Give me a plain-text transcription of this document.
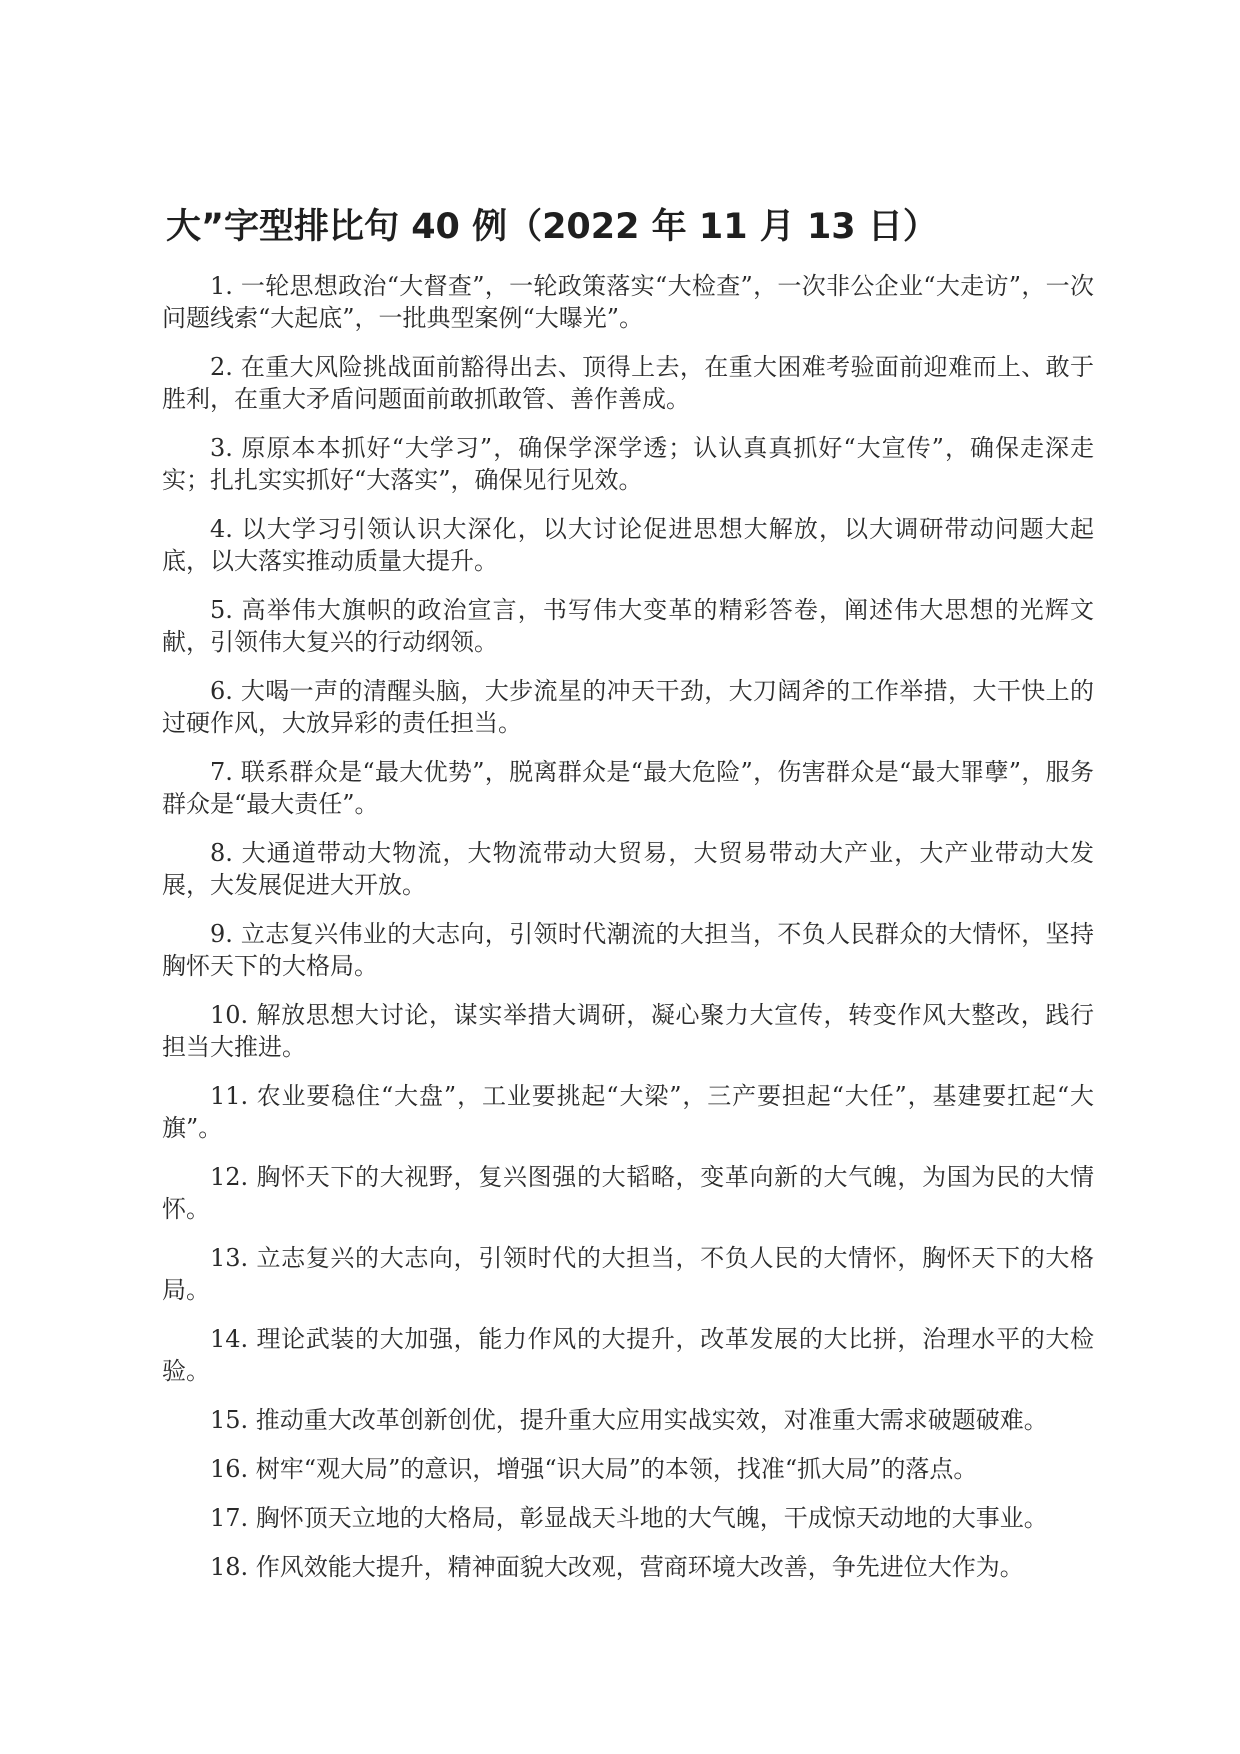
大”字型排比句 40 例（2022 年 11 月 13 日）
1. 一轮思想政治“大督查”，一轮政策落实“大检查”，一次非公企业“大走访”，一次问题线索“大起底”，一批典型案例“大曝光”。
2. 在重大风险挑战面前豁得出去、顶得上去，在重大困难考验面前迎难而上、敢于胜利，在重大矛盾问题面前敢抓敢管、善作善成。
3. 原原本本抓好“大学习”，确保学深学透；认认真真抓好“大宣传”，确保走深走实；扎扎实实抓好“大落实”，确保见行见效。
4. 以大学习引领认识大深化，以大讨论促进思想大解放，以大调研带动问题大起底，以大落实推动质量大提升。
5. 高举伟大旗帜的政治宣言，书写伟大变革的精彩答卷，阐述伟大思想的光辉文献，引领伟大复兴的行动纲领。
6. 大喝一声的清醒头脑，大步流星的冲天干劲，大刀阔斧的工作举措，大干快上的过硬作风，大放异彩的责任担当。
7. 联系群众是“最大优势”，脱离群众是“最大危险”，伤害群众是“最大罪孽”，服务群众是“最大责任”。
8. 大通道带动大物流，大物流带动大贸易，大贸易带动大产业，大产业带动大发展，大发展促进大开放。
9. 立志复兴伟业的大志向，引领时代潮流的大担当，不负人民群众的大情怀，坚持胸怀天下的大格局。
10. 解放思想大讨论，谋实举措大调研，凝心聚力大宣传，转变作风大整改，践行担当大推进。
11. 农业要稳住“大盘”，工业要挑起“大梁”，三产要担起“大任”，基建要扛起“大旗”。
12. 胸怀天下的大视野，复兴图强的大韬略，变革向新的大气魄，为国为民的大情怀。
13. 立志复兴的大志向，引领时代的大担当，不负人民的大情怀，胸怀天下的大格局。
14. 理论武装的大加强，能力作风的大提升，改革发展的大比拼，治理水平的大检验。
15. 推动重大改革创新创优，提升重大应用实战实效，对准重大需求破题破难。
16. 树牢“观大局”的意识，增强“识大局”的本领，找准“抓大局”的落点。
17. 胸怀顶天立地的大格局，彰显战天斗地的大气魄，干成惊天动地的大事业。
18. 作风效能大提升，精神面貌大改观，营商环境大改善，争先进位大作为。
